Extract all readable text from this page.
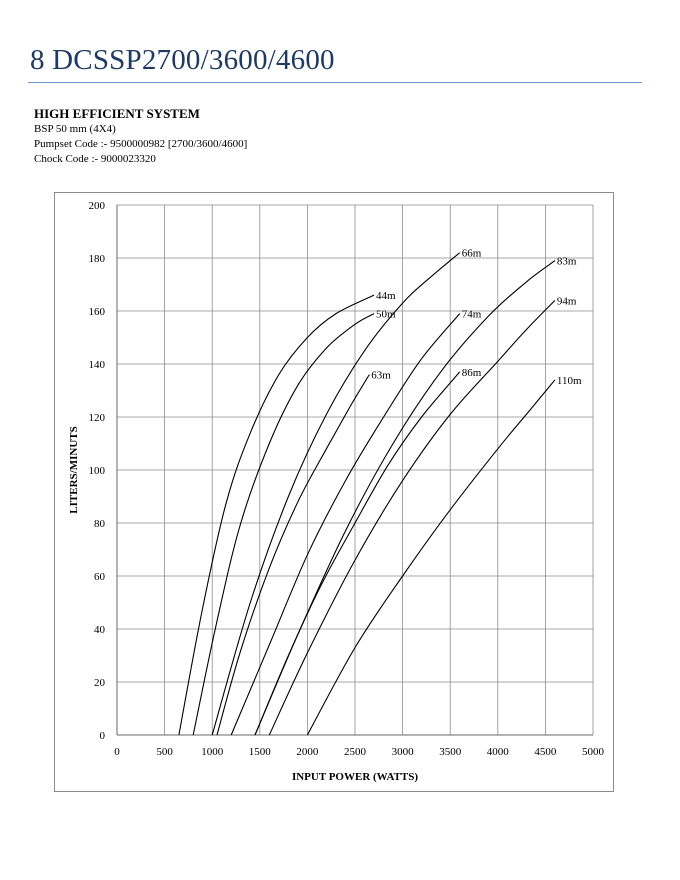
8 DCSSP2700/3600/4600
HIGH EFFICIENT SYSTEM
BSP 50 mm (4X4)
Pumpset Code :- 9500000982 [2700/3600/4600]
Chock Code :- 9000023320
0	500	1000 1500 2000 2500 3000 3500 4000 4500 5000
0
20
40
60
80
100
120
140
160
180
200
44m
50m
63m
66m
74m
86m
83m
94m
110m
INPUT POWER (WATTS)
LITERS/MINUTS
